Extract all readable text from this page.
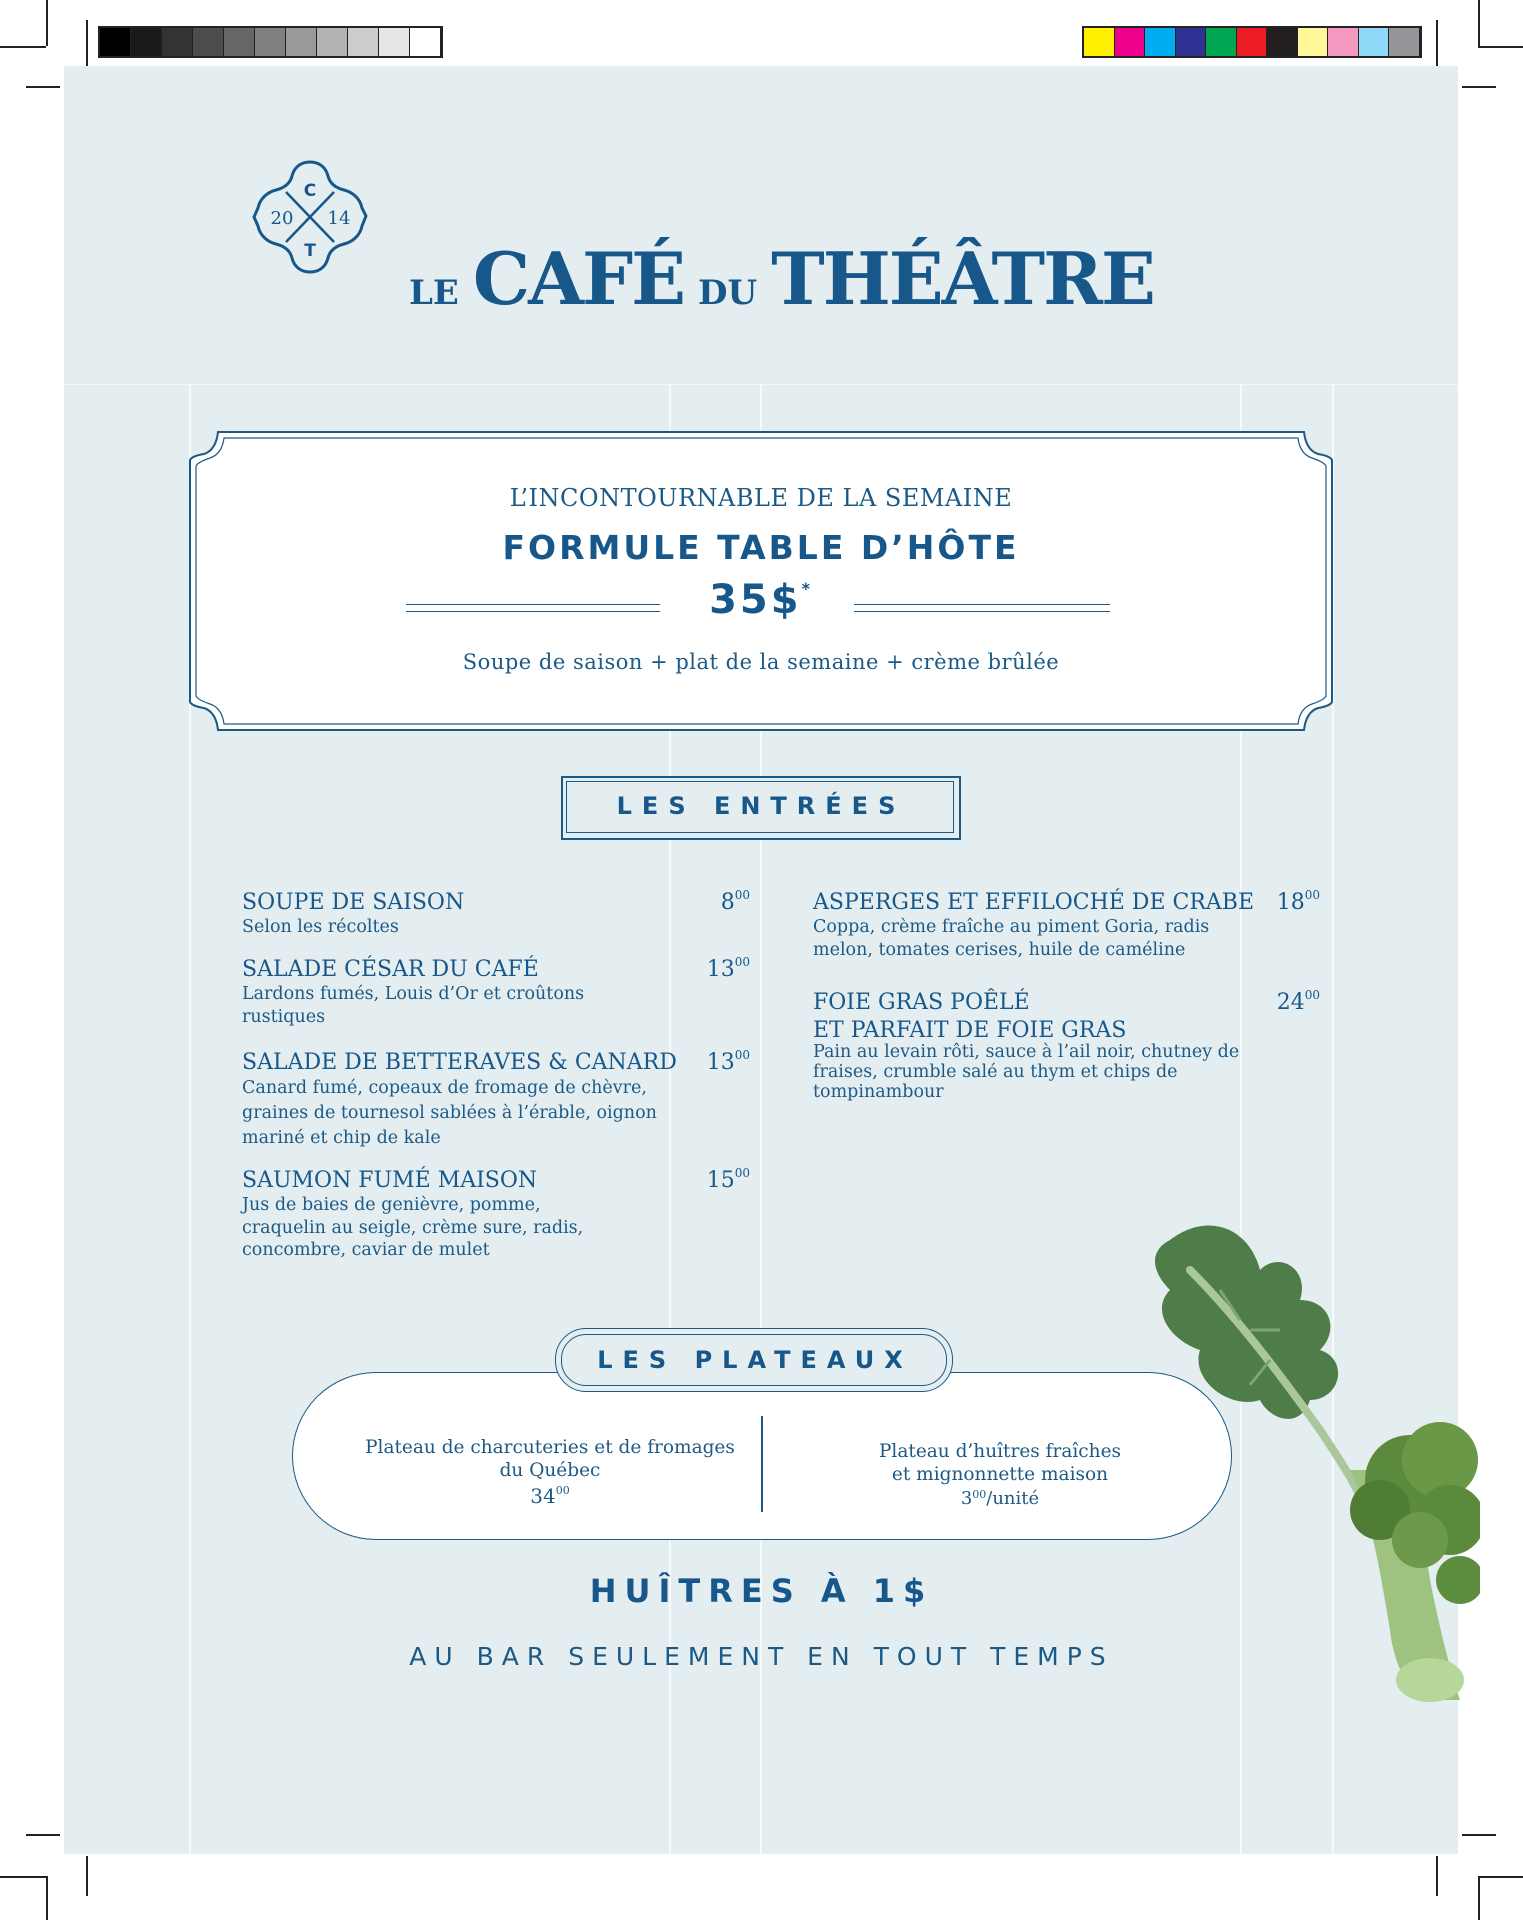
C
20 14
T
LE CAFÉ DU THÉÂTRE
L’INCONTOURNABLE DE LA SEMAINE
FORMULE TABLE D’HÔTE
35$*
Soupe de saison + plat de la semaine + crème brûlée
LES ENTRÉES
SOUPE DE SAISON	$8^{00}$
Selon les récoltes
SALADE CÉSAR DU CAFÉ	$13^{00}$
Lardons fumés, Louis d’Or et croûtons rustiques
SALADE DE BETTERAVES & CANARD	$13^{00}$
Canard fumé, copeaux de fromage de chèvre, graines de tournesol sablées à l’érable, oignon mariné et chip de kale
SAUMON FUMÉ MAISON	$15^{00}$
Jus de baies de genièvre, pomme, craquelin au seigle, crème sure, radis, concombre, caviar de mulet
ASPERGES ET EFFILOCHÉ DE CRABE	$18^{00}$
Coppa, crème fraîche au piment Goria, radis melon, tomates cerises, huile de caméline
FOIE GRAS POÊLÉ
ET PARFAIT DE FOIE GRAS
$24^{00}$
Pain au levain rôti, sauce à l’ail noir, chutney de fraises, crumble salé au thym et chips de tompinambour
LES PLATEAUX
Plateau de charcuteries et de fromages
du Québec
$34^{00}$
Plateau d’huîtres fraîches
et mignonnette maison
$3^{00}$/unité
HUÎTRES À 1$
AU BAR SEULEMENT EN TOUT TEMPS
